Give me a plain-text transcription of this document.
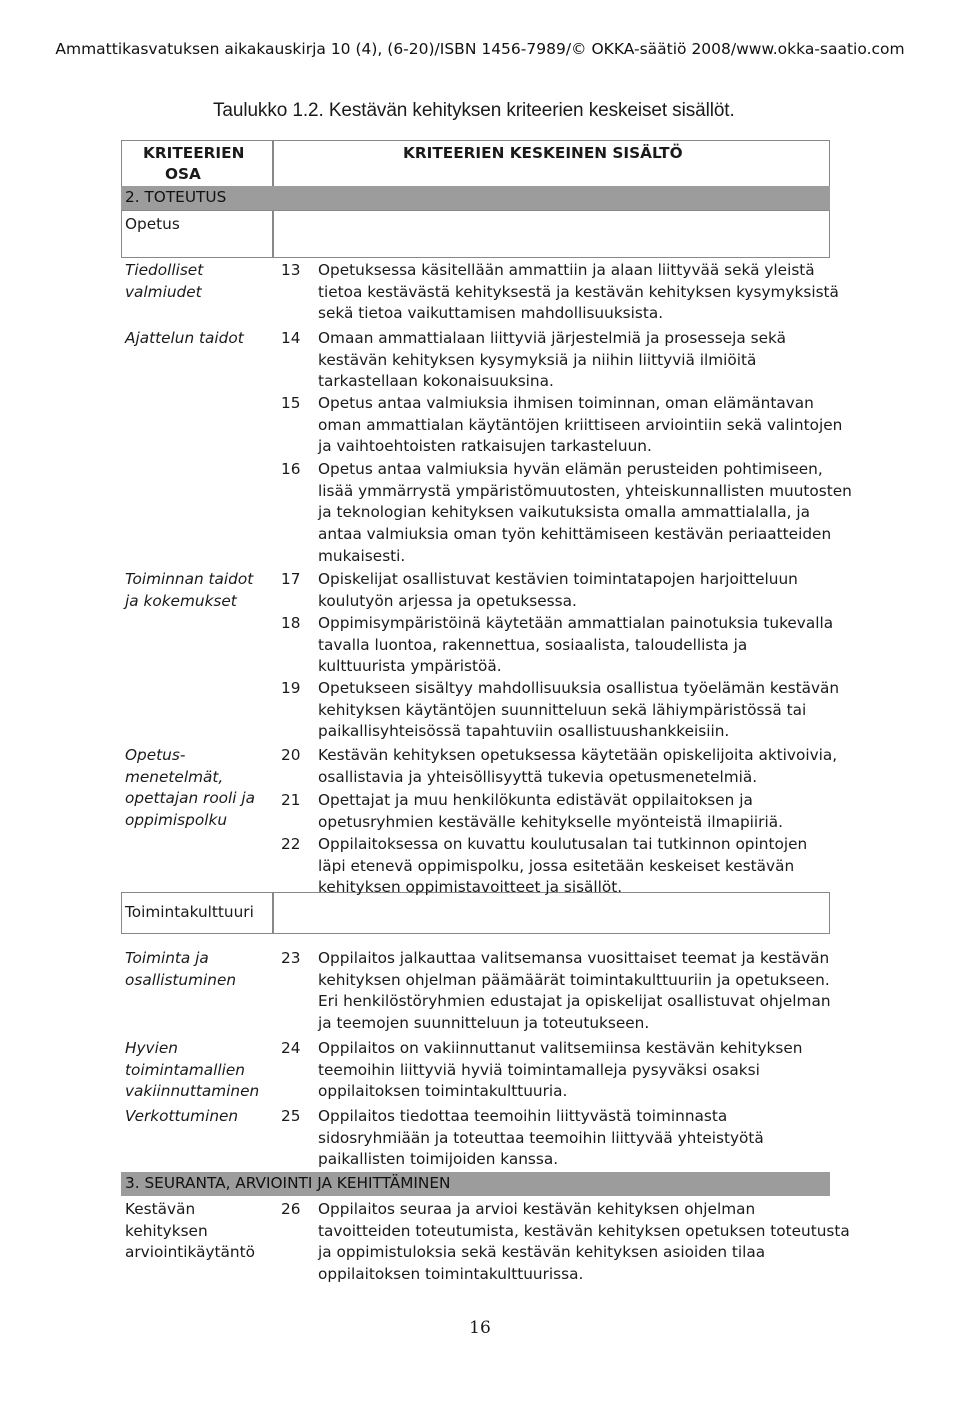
Ammattikasvatuksen aikakauskirja 10 (4), (6-20)/ISBN 1456-7989/© OKKA-säätiö 2008/www.okka-saatio.com
Taulukko 1.2. Kestävän kehityksen kriteerien keskeiset sisällöt.
KRITEERIEN
OSA
KRITEERIEN KESKEINEN SISÄLTÖ
2. TOTEUTUS
Opetus
Tiedolliset
valmiudet
Ajattelun taidot
Toiminnan taidot
ja kokemukset
Opetus-
menetelmät,
opettajan rooli ja
oppimispolku
Toimintakulttuuri
Toiminta ja
osallistuminen
Hyvien
toimintamallien
vakiinnuttaminen
Verkottuminen
3. SEURANTA, ARVIOINTI JA KEHITTÄMINEN
Kestävän
kehityksen
arviointikäytäntö
13 Opetuksessa käsitellään ammattiin ja alaan liittyvää sekä yleistä
tietoa kestävästä kehityksestä ja kestävän kehityksen kysymyksistä
sekä tietoa vaikuttamisen mahdollisuuksista.
14 Omaan ammattialaan liittyviä järjestelmiä ja prosesseja sekä
kestävän kehityksen kysymyksiä ja niihin liittyviä ilmiöitä
tarkastellaan kokonaisuuksina.
15 Opetus antaa valmiuksia ihmisen toiminnan, oman elämäntavan
oman ammattialan käytäntöjen kriittiseen arviointiin sekä valintojen
ja vaihtoehtoisten ratkaisujen tarkasteluun.
16 Opetus antaa valmiuksia hyvän elämän perusteiden pohtimiseen,
lisää ymmärrystä ympäristömuutosten, yhteiskunnallisten muutosten
ja teknologian kehityksen vaikutuksista omalla ammattialalla, ja
antaa valmiuksia oman työn kehittämiseen kestävän periaatteiden
mukaisesti.
17 Opiskelijat osallistuvat kestävien toimintatapojen harjoitteluun
koulutyön arjessa ja opetuksessa.
18 Oppimisympäristöinä käytetään ammattialan painotuksia tukevalla
tavalla luontoa, rakennettua, sosiaalista, taloudellista ja
kulttuurista ympäristöä.
19 Opetukseen sisältyy mahdollisuuksia osallistua työelämän kestävän
kehityksen käytäntöjen suunnitteluun sekä lähiympäristössä tai
paikallisyhteisössä tapahtuviin osallistuushankkeisiin.
20 Kestävän kehityksen opetuksessa käytetään opiskelijoita aktivoivia,
osallistavia ja yhteisöllisyyttä tukevia opetusmenetelmiä.
21 Opettajat ja muu henkilökunta edistävät oppilaitoksen ja
opetusryhmien kestävälle kehitykselle myönteistä ilmapiiriä.
22 Oppilaitoksessa on kuvattu koulutusalan tai tutkinnon opintojen
läpi etenevä oppimispolku, jossa esitetään keskeiset kestävän
kehityksen oppimistavoitteet ja sisällöt.
23 Oppilaitos jalkauttaa valitsemansa vuosittaiset teemat ja kestävän
kehityksen ohjelman päämäärät toimintakulttuuriin ja opetukseen.
Eri henkilöstöryhmien edustajat ja opiskelijat osallistuvat ohjelman
ja teemojen suunnitteluun ja toteutukseen.
24 Oppilaitos on vakiinnuttanut valitsemiinsa kestävän kehityksen
teemoihin liittyviä hyviä toimintamalleja pysyväksi osaksi
oppilaitoksen toimintakulttuuria.
25 Oppilaitos tiedottaa teemoihin liittyvästä toiminnasta
sidosryhmiään ja toteuttaa teemoihin liittyvää yhteistyötä
paikallisten toimijoiden kanssa.
26 Oppilaitos seuraa ja arvioi kestävän kehityksen ohjelman
tavoitteiden toteutumista, kestävän kehityksen opetuksen toteutusta
ja oppimistuloksia sekä kestävän kehityksen asioiden tilaa
oppilaitoksen toimintakulttuurissa.
16
